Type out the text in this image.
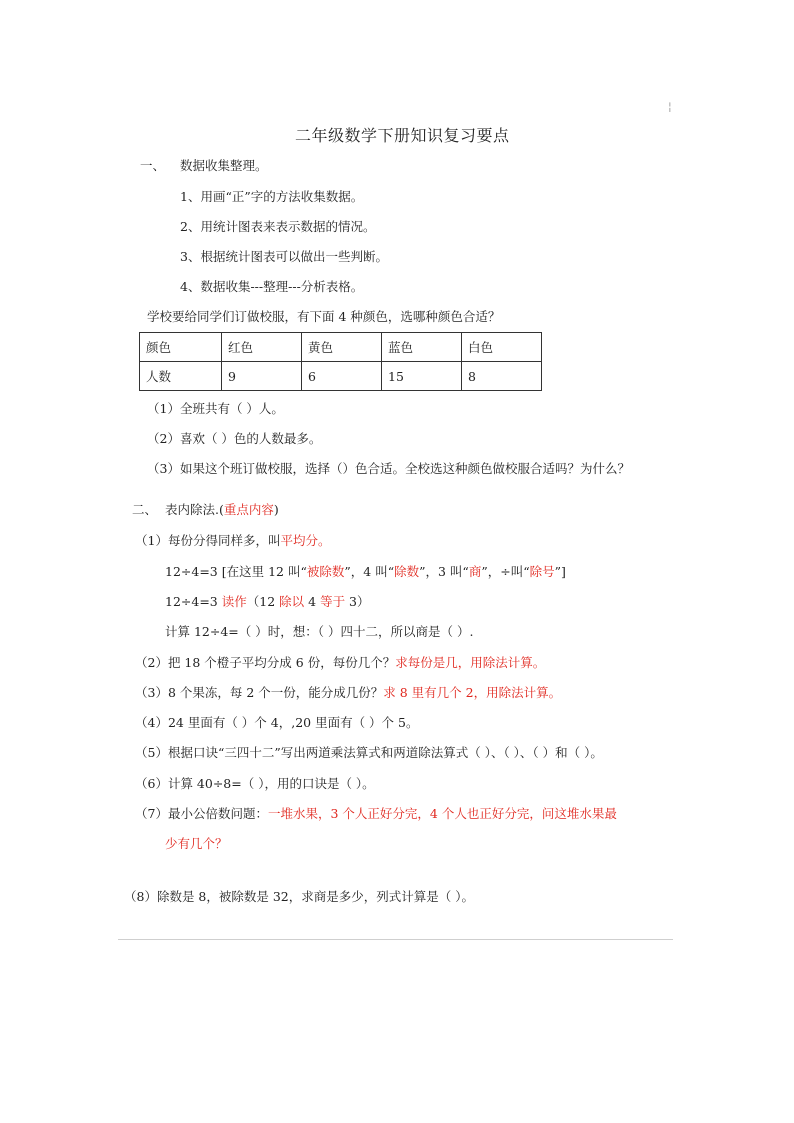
¦
二年级数学下册知识复习要点
一、 数据收集整理。
1、用画“正”字的方法收集数据。
2、用统计图表来表示数据的情况。
3、根据统计图表可以做出一些判断。
4、数据收集---整理---分析表格。
学校要给同学们订做校服，有下面 4 种颜色，选哪种颜色合适？
颜色	红色	黄色	蓝色	白色
人数	9	6	15	8
（1）全班共有（ ）人。
（2）喜欢（ ）色的人数最多。
（3）如果这个班订做校服，选择（）色合适。全校选这种颜色做校服合适吗？为什么？
二、 表内除法.(重点内容)
（1）每份分得同样多，叫平均分。
12÷4=3 [在这里 12 叫“被除数”，4 叫“除数”，3 叫“商”，÷叫“除号”]
12÷4=3 读作（12 除以 4 等于 3）
计算 12÷4=（ ）时，想：（ ）四十二，所以商是（ ）.
（2）把 18 个橙子平均分成 6 份，每份几个？求每份是几，用除法计算。
（3）8 个果冻，每 2 个一份，能分成几份？求 8 里有几个 2，用除法计算。
（4）24 里面有（ ）个 4，,20 里面有（ ）个 5。
（5）根据口诀“三四十二”写出两道乘法算式和两道除法算式（ ）、（ ）、（ ）和（ ）。
（6）计算 40÷8=（ ），用的口诀是（ ）。
（7）最小公倍数问题：一堆水果，3 个人正好分完，4 个人也正好分完，问这堆水果最
少有几个？
（8）除数是 8，被除数是 32，求商是多少，列式计算是（ ）。
